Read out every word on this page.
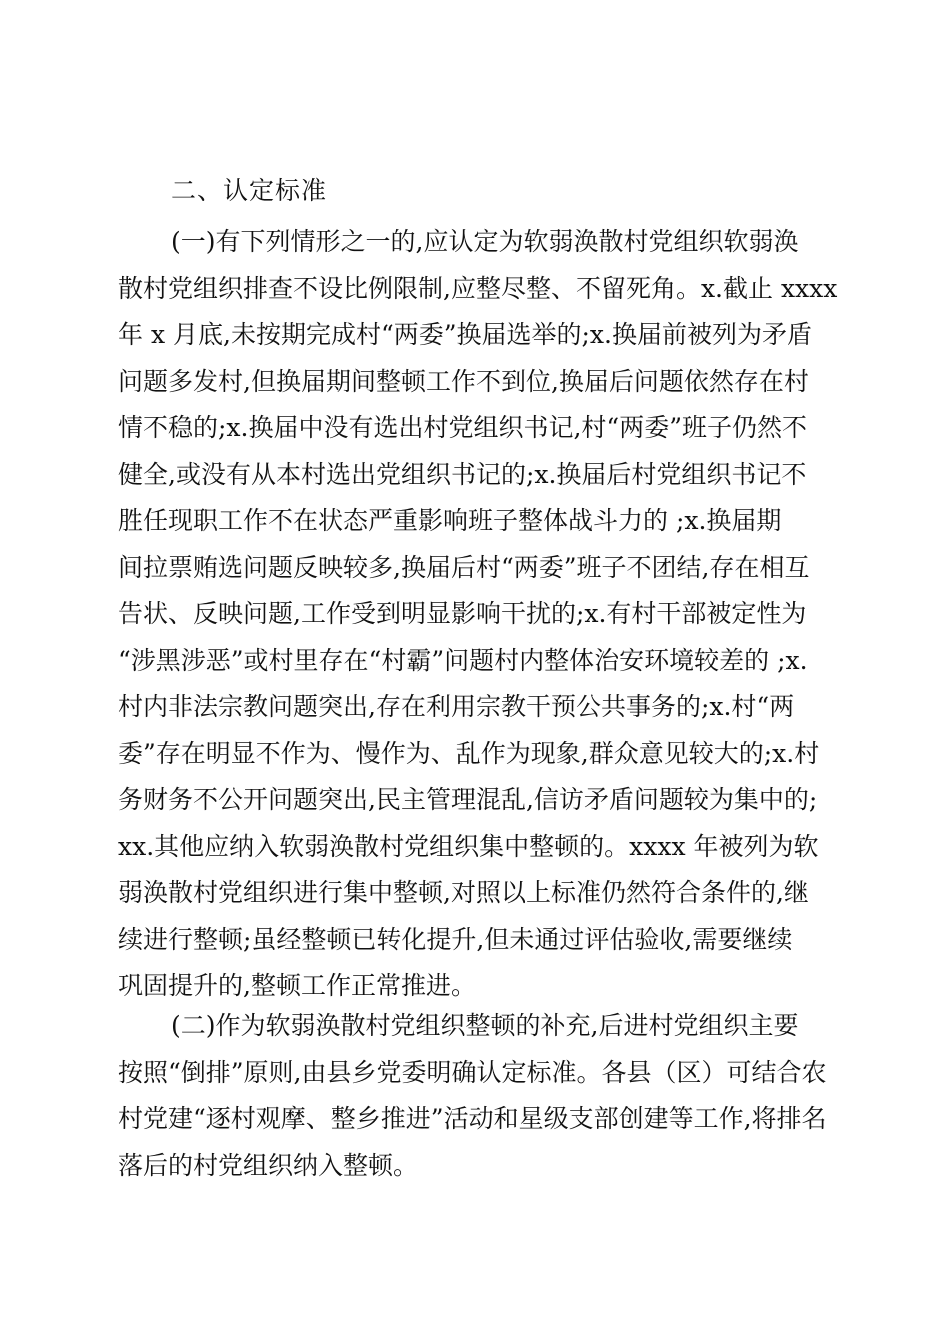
二、认定标准
(一)有下列情形之一的,应认定为软弱涣散村党组织软弱涣
散村党组织排查不设比例限制,应整尽整、不留死角。x.截止 xxxx
年 x 月底,未按期完成村“两委”换届选举的;x.换届前被列为矛盾
问题多发村,但换届期间整顿工作不到位,换届后问题依然存在村
情不稳的;x.换届中没有选出村党组织书记,村“两委”班子仍然不
健全,或没有从本村选出党组织书记的;x.换届后村党组织书记不
胜任现职工作不在状态严重影响班子整体战斗力的 ;x.换届期
间拉票贿选问题反映较多,换届后村“两委”班子不团结,存在相互
告状、反映问题,工作受到明显影响干扰的;x.有村干部被定性为
“涉黑涉恶”或村里存在“村霸”问题村内整体治安环境较差的 ;x.
村内非法宗教问题突出,存在利用宗教干预公共事务的;x.村“两
委”存在明显不作为、慢作为、乱作为现象,群众意见较大的;x.村
务财务不公开问题突出,民主管理混乱,信访矛盾问题较为集中的;
xx.其他应纳入软弱涣散村党组织集中整顿的。xxxx 年被列为软
弱涣散村党组织进行集中整顿,对照以上标准仍然符合条件的,继
续进行整顿;虽经整顿已转化提升,但未通过评估验收,需要继续
巩固提升的,整顿工作正常推进。
(二)作为软弱涣散村党组织整顿的补充,后进村党组织主要
按照“倒排”原则,由县乡党委明确认定标准。各县（区）可结合农
村党建“逐村观摩、整乡推进”活动和星级支部创建等工作,将排名
落后的村党组织纳入整顿。
